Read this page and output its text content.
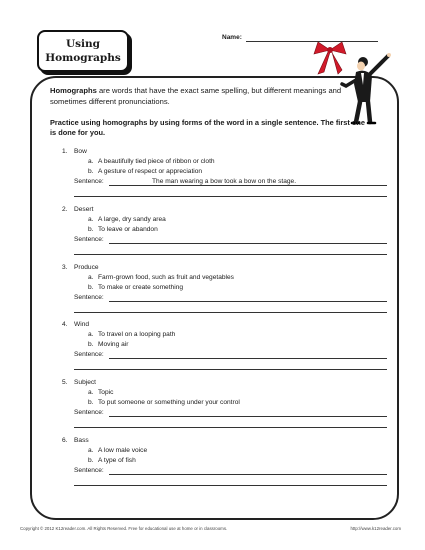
Using
Homographs
Name:
Homographs are words that have the exact same spelling, but different meanings and sometimes different pronunciations.
Practice using homographs by using forms of the word in a single sentence. The first one is done for you.
1. Bow
a. A beautifully tied piece of ribbon or cloth
b. A gesture of respect or appreciation
Sentence:	The man wearing a bow took a bow on the stage.
2. Desert
a. A large, dry sandy area
b. To leave or abandon
Sentence:
3. Produce
a. Farm-grown food, such as fruit and vegetables
b. To make or create something
Sentence:
4. Wind
a. To travel on a looping path
b. Moving air
Sentence:
5. Subject
a. Topic
b. To put someone or something under your control
Sentence:
6. Bass
a. A low male voice
b. A type of fish
Sentence:
Copyright © 2012 K12reader.com. All Rights Reserved. Free for educational use at home or in classrooms.	http://www.k12reader.com
